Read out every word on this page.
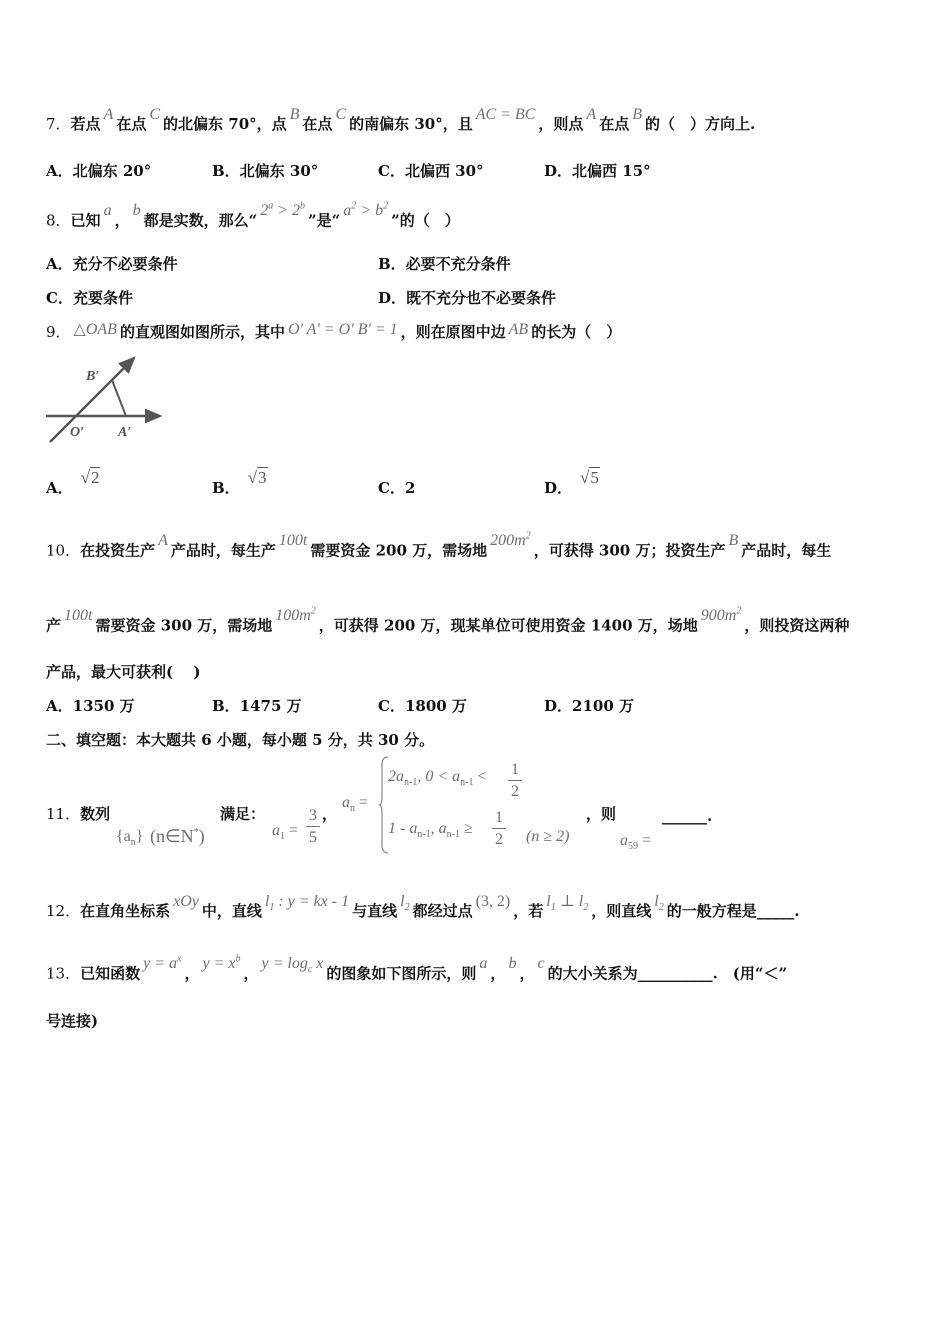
7．若点A在点C的北偏东 70°，点B在点C的南偏东 30°，且AC = BC，则点A在点B的（　）方向上.
A．北偏东 20°	B．北偏东 30°	C．北偏西 30°	D．北偏西 15°
8．已知a，b都是实数，那么“$2^a > 2^b$”是“$a^2 > b^2$”的（　）
A．充分不必要条件	B．必要不充分条件
C．充要条件	D．既不充分也不必要条件
9． △OAB 的直观图如图所示，其中 O' A' = O' B' = 1 ，则在原图中边 AB 的长为（　）
B′
O′ A′
A．√2
B．√3
C．2	D．√5
10．在投资生产A产品时，每生产100t需要资金 200 万，需场地$200m^2$，可获得 300 万；投资生产B产品时，每生
产100t需要资金 300 万，需场地$100m^2$，可获得 200 万，现某单位可使用资金 1400 万，场地$900m^2$，则投资这两种
产品，最大可获利(　 )
A．1350 万	B．1475 万	C．1800 万	D．2100 万
二、填空题：本大题共 6 小题，每小题 5 分，共 30 分。
11．数列
$\{a_n\}$ (n∈N*)
满足：
$a_1$ =
3
5
，
$a_n$ =
$2a_{n-1}$, $0 < a_{n-1} < 1$
2
$1 - a_{n-1}$, $a_{n-1}$ ≥
1
2 (n ≥ 2)
，则	______.
$a_{59}$ =
12．在直角坐标系xOy中，直线$l_1$ : y = kx - 1与直线$l_2$ 都经过点(3, 2)，若$l_1$ ⊥ $l_2$ ，则直线$l_2$ 的一般方程是_____.
13．已知函数$y = a^x$，$y = x^b$，$y = \log_c x$的图象如下图所示，则a，b，c的大小关系为__________.　(用“＜”
号连接)
